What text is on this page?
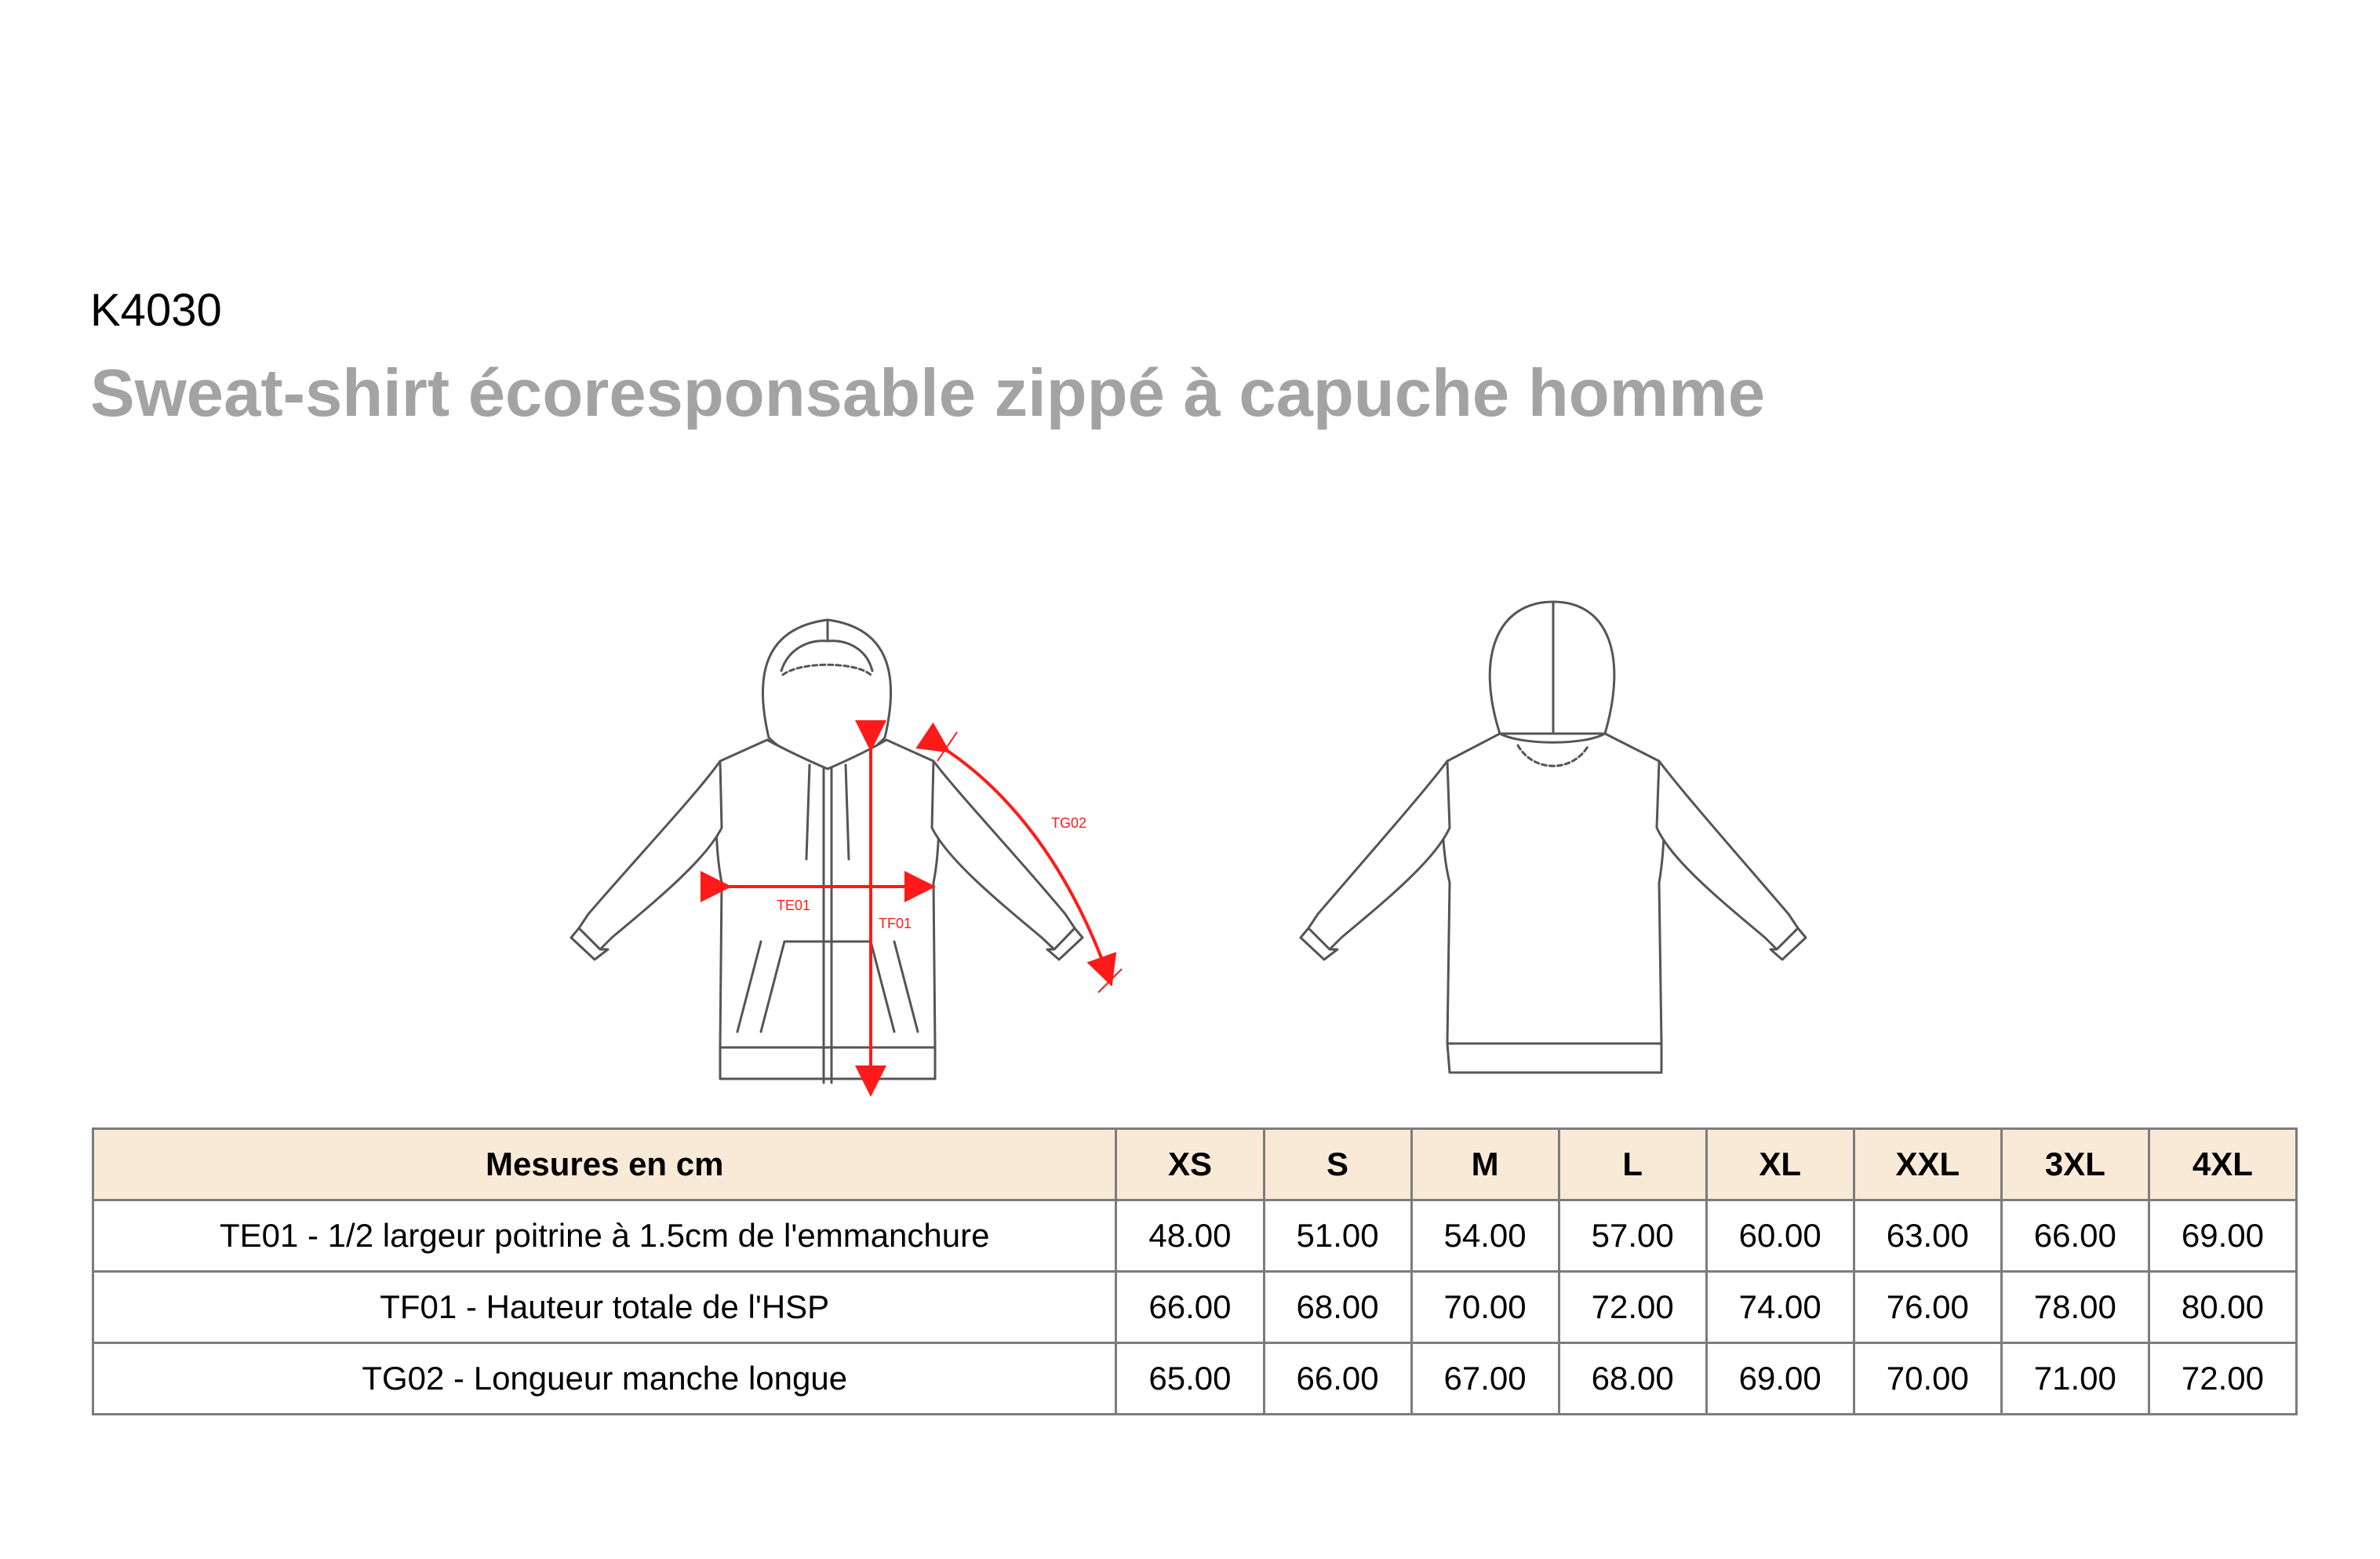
K4030
Sweat-shirt écoresponsable zippé à capuche homme
TE01
TF01
TG02
Mesures en cm	XS	S	M	L	XL	XXL	3XL	4XL
TE01 - 1/2 largeur poitrine à 1.5cm de l'emmanchure	48.00	51.00	54.00	57.00	60.00	63.00	66.00	69.00
TF01 - Hauteur totale de l'HSP	66.00	68.00	70.00	72.00	74.00	76.00	78.00	80.00
TG02 - Longueur manche longue	65.00	66.00	67.00	68.00	69.00	70.00	71.00	72.00
